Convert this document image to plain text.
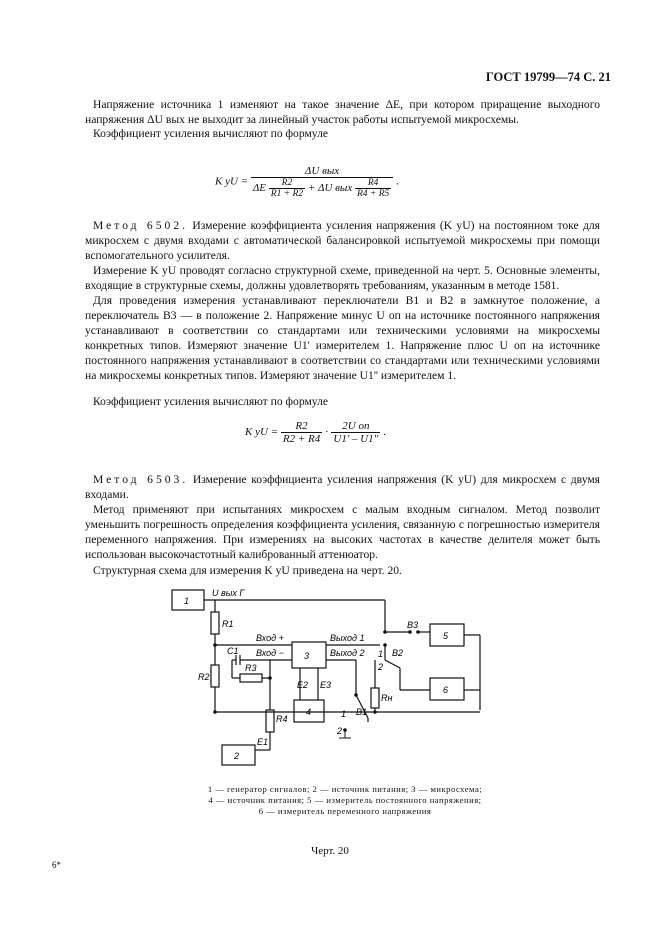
ГОСТ 19799—74 С. 21

Напряжение источника 1 изменяют на такое значение ΔE, при котором приращение выходного напряжения ΔU вых не выходит за линейный участок работы испытуемой микросхемы.

Коэффициент усиления вычисляют по формуле

K yU =
ΔU вых
ΔE $\frac{R2}{R1 + R2} + \Delta U$ вых $\frac{R4}{R4 + R5}$ .

Метод 6502. Измерение коэффициента усиления напряжения (K yU) на постоянном токе для микросхем с двумя входами с автоматической балансировкой испытуемой микросхемы при помощи вспомогательного усилителя.

Измерение K yU проводят согласно структурной схеме, приведенной на черт. 5. Основные элементы, входящие в структурные схемы, должны удовлетворять требованиям, указанным в методе 1581.

Для проведения измерения устанавливают переключатели B1 и B2 в замкнутое положение, а переключатель B3 — в положение 2. Напряжение минус U оп на источнике постоянного напряжения устанавливают в соответствии со стандартами или техническими условиями на микросхемы конкретных типов. Измеряют значение U1' измерителем 1. Напряжение плюс U оп на источнике постоянного напряжения устанавливают в соответствии со стандартами или техническими условиями на микросхемы конкретных типов. Измеряют значение U1'' измерителем 1.

Коэффициент усиления вычисляют по формуле

K yU = $\frac{R2}{R2 + R4} \cdot \frac{\text{2U оп}}{U1' - U1''}$ .

Метод 6503. Измерение коэффициента усиления напряжения (K yU) для микросхем с двумя входами.

Метод применяют при испытаниях микросхем с малым входным сигналом. Метод позволит уменьшить погрешность определения коэффициента усиления, связанную с погрешностью измерителя переменного напряжения. При измерениях на высоких частотах в качестве делителя может быть использован высокочастотный калиброванный аттенюатор.

Структурная схема для измерения K yU приведена на черт. 20.

1
2
3
4
5
6
U вых Г
R1
R2
R3
R4
Rн
C1
Вход +
Вход −
Выход 1
Выход 2
E1
E2 E3
B1
B2
B3
1
2
1
2
1 — генератор сигналов; 2 — источник питания; 3 — микросхема;
4 — источник питания; 5 — измеритель постоянного напряжения;
6 — измеритель переменного напряжения
Черт. 20
6*
